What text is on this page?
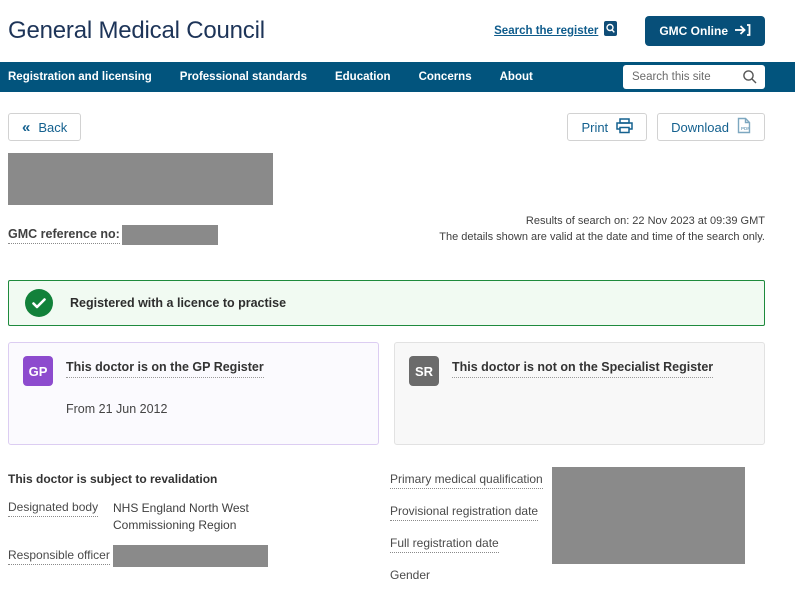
General Medical Council	Search the register	GMC Online
Registration and licensing Professional standards Education Concerns About
Search this site
« Back	Print	Download	PDF
GMC reference no:
Results of search on: 22 Nov 2023 at 09:39 GMT
The details shown are valid at the date and time of the search only.
Registered with a licence to practise
GP	This doctor is on the GP Register
From 21 Jun 2012
SR	This doctor is not on the Specialist Register
This doctor is subject to revalidation
Designated body	NHS England North West Commissioning Region
Responsible officer
Primary medical qualification
Provisional registration date
Full registration date
Gender
